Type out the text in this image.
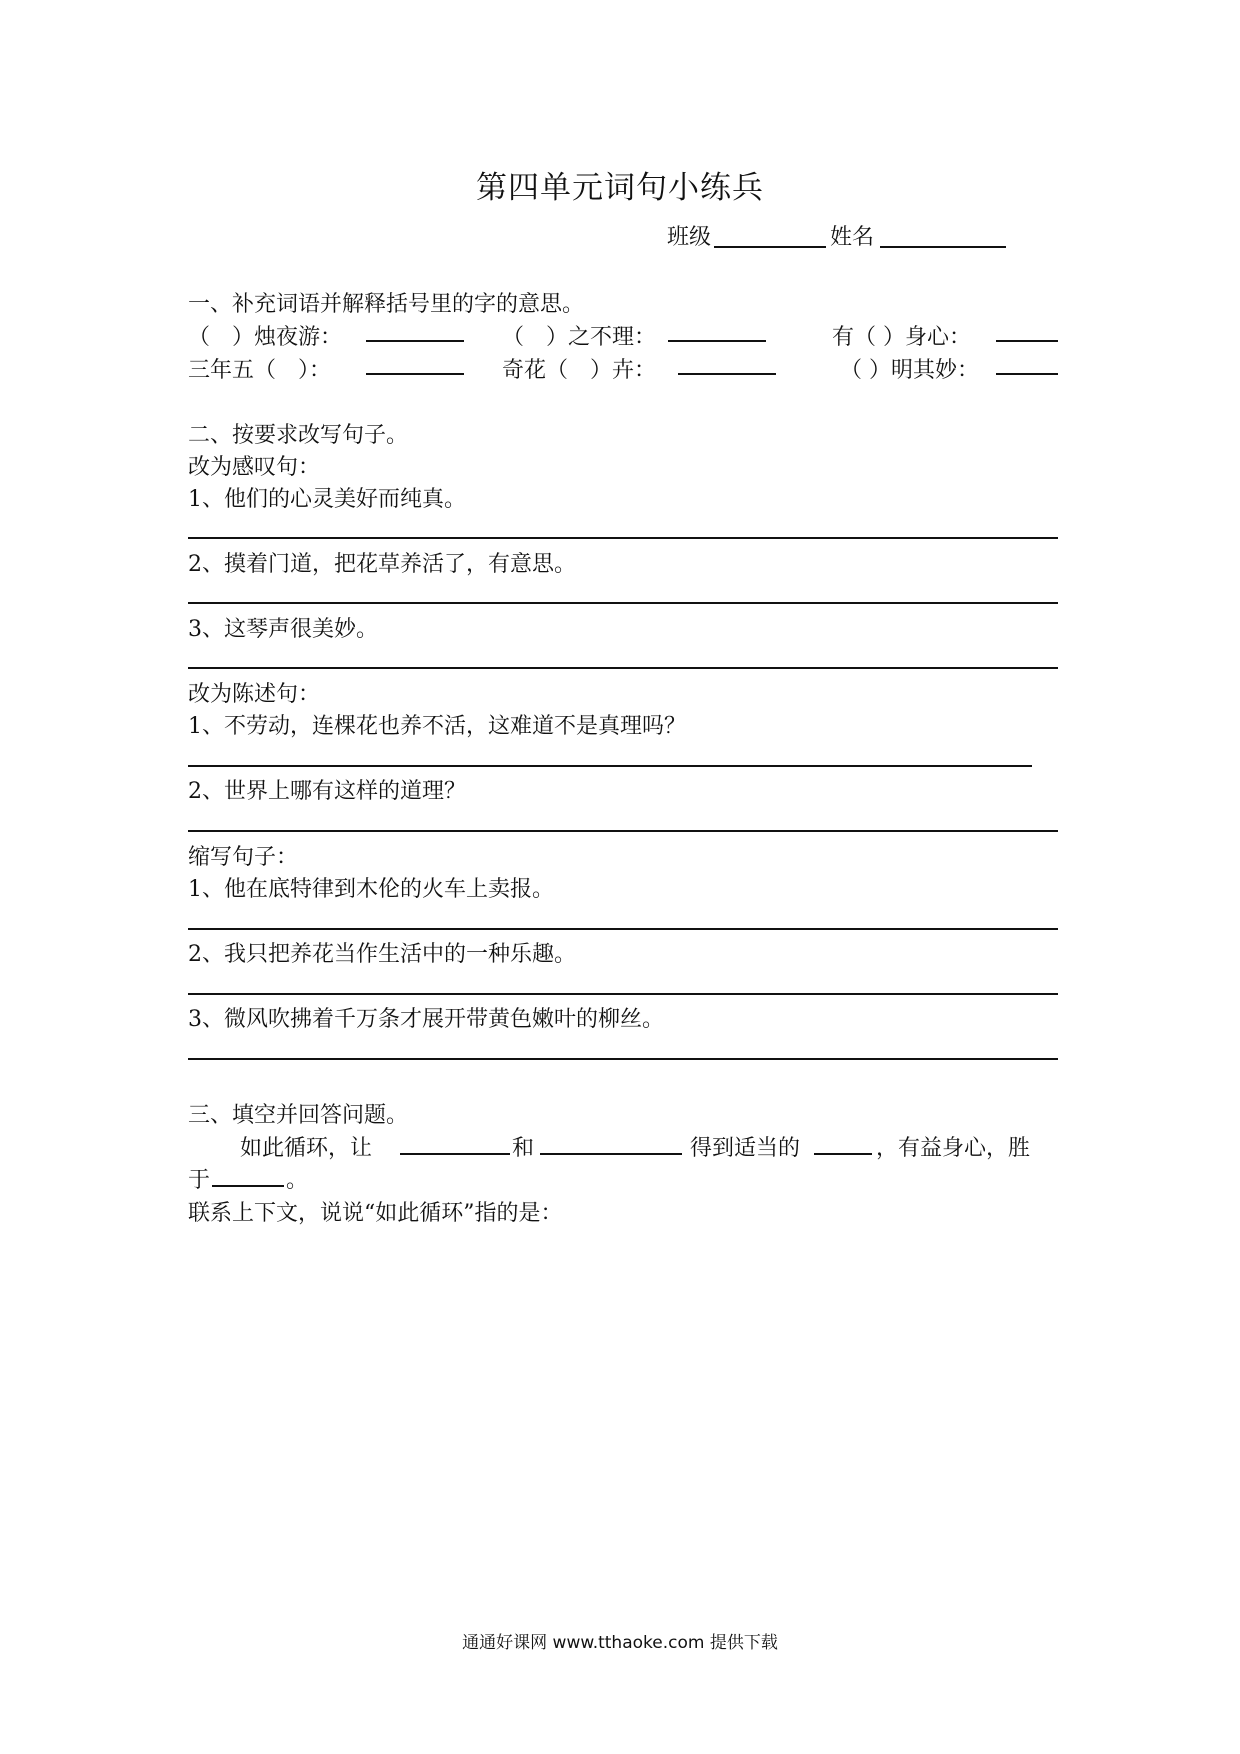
第四单元词句小练兵
班级	姓名
一、补充词语并解释括号里的字的意思。
（　）烛夜游：	（　）之不理：	有（ ）身心：
三年五（　）：	奇花（　）卉：	（ ）明其妙：
二、按要求改写句子。
改为感叹句：
1、他们的心灵美好而纯真。
2、摸着门道，把花草养活了，有意思。
3、这琴声很美妙。
改为陈述句：
1、不劳动，连棵花也养不活，这难道不是真理吗？
2、世界上哪有这样的道理？
缩写句子：
1、他在底特律到木伦的火车上卖报。
2、我只把养花当作生活中的一种乐趣。
3、微风吹拂着千万条才展开带黄色嫩叶的柳丝。
三、填空并回答问题。
如此循环，让	和	得到适当的	，有益身心，胜
于	。
联系上下文，说说“如此循环”指的是：
通通好课网 www.tthaoke.com 提供下载
